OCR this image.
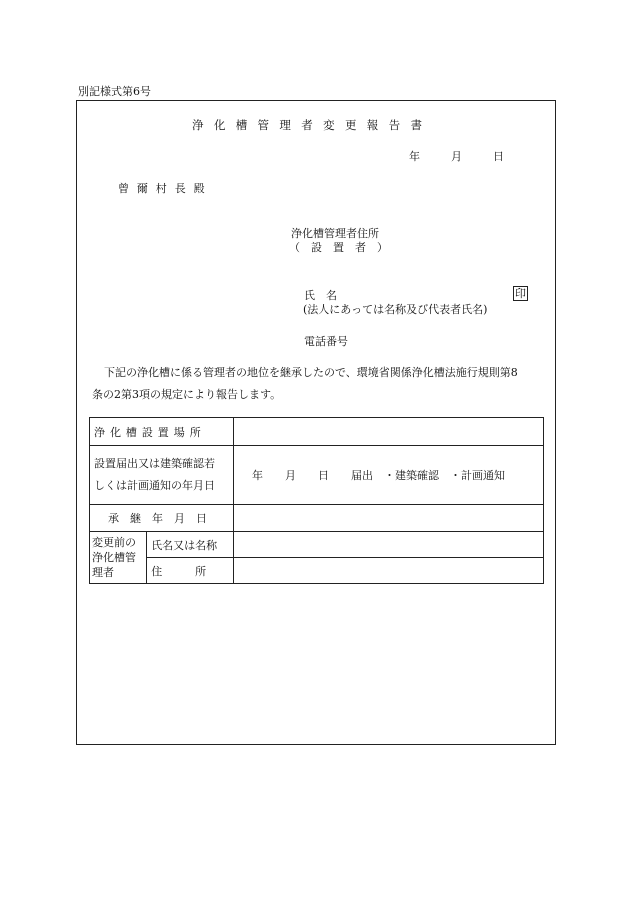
別記様式第6号
浄化槽管理者変更報告書
年	月	日
曾 爾 村 長 殿
浄化槽管理者住所
（　設　置　者　）
氏　名	印
(法人にあっては名称及び代表者氏名)
電話番号
下記の浄化槽に係る管理者の地位を継承したので、環境省関係浄化槽法施行規則第8
条の2第3項の規定により報告します。
浄化槽設置場所		

設置届出又は建築確認若
しくは計画通知の年月日		年　　月　　日　　届出　・建築確認　・計画通知
承　継　年　月　日		

変更前の
浄化槽管
理者	氏名又は名称	
	住　　　所	
